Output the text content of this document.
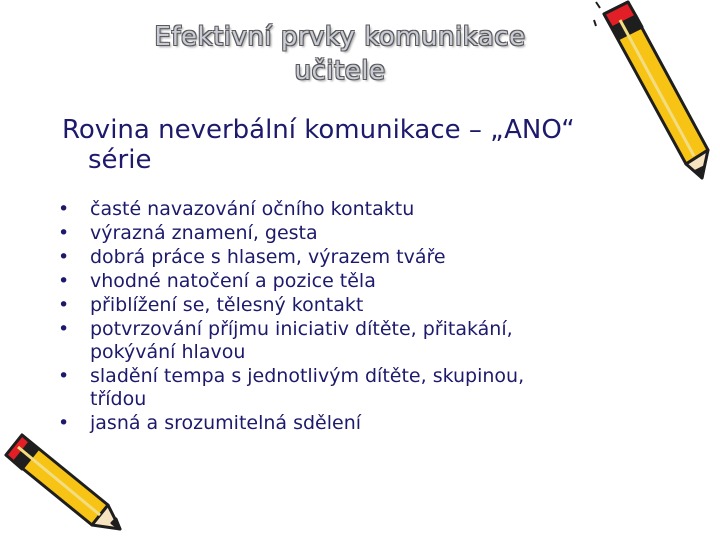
Efektivní prvky komunikace
učitele
Rovina neverbální komunikace – „ANO“
série
• časté navazování očního kontaktu
• výrazná znamení, gesta
• dobrá práce s hlasem, výrazem tváře
• vhodné natočení a pozice těla
• přiblížení se, tělesný kontakt
• potvrzování příjmu iniciativ dítěte, přitakání,
pokývání hlavou
• sladění tempa s jednotlivým dítěte, skupinou,
třídou
• jasná a srozumitelná sdělení
